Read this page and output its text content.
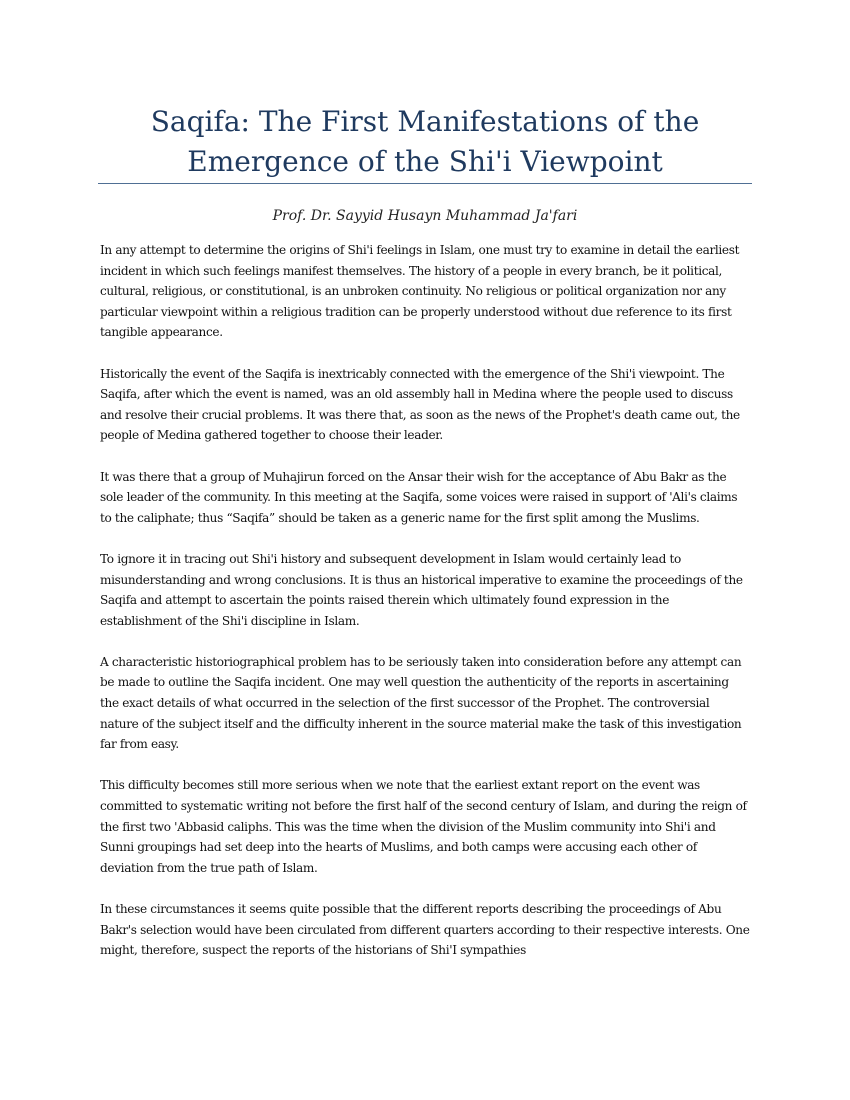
Saqifa: The First Manifestations of the Emergence of the Shi'i Viewpoint
Prof. Dr. Sayyid Husayn Muhammad Ja'fari

In any attempt to determine the origins of Shi'i feelings in Islam, one must try to examine in detail the earliest incident in which such feelings manifest themselves. The history of a people in every branch, be it political, cultural, religious, or constitutional, is an unbroken continuity. No religious or political organization nor any particular viewpoint within a religious tradition can be properly understood without due reference to its first tangible appearance.

Historically the event of the Saqifa is inextricably connected with the emergence of the Shi'i viewpoint. The Saqifa, after which the event is named, was an old assembly hall in Medina where the people used to discuss and resolve their crucial problems. It was there that, as soon as the news of the Prophet's death came out, the people of Medina gathered together to choose their leader.

It was there that a group of Muhajirun forced on the Ansar their wish for the acceptance of Abu Bakr as the sole leader of the community. In this meeting at the Saqifa, some voices were raised in support of 'Ali's claims to the caliphate; thus “Saqifa” should be taken as a generic name for the first split among the Muslims.

To ignore it in tracing out Shi'i history and subsequent development in Islam would certainly lead to misunderstanding and wrong conclusions. It is thus an historical imperative to examine the proceedings of the Saqifa and attempt to ascertain the points raised therein which ultimately found expression in the establishment of the Shi'i discipline in Islam.

A characteristic historiographical problem has to be seriously taken into consideration before any attempt can be made to outline the Saqifa incident. One may well question the authenticity of the reports in ascertaining the exact details of what occurred in the selection of the first successor of the Prophet. The controversial nature of the subject itself and the difficulty inherent in the source material make the task of this investigation far from easy.

This difficulty becomes still more serious when we note that the earliest extant report on the event was committed to systematic writing not before the first half of the second century of Islam, and during the reign of the first two 'Abbasid caliphs. This was the time when the division of the Muslim community into Shi'i and Sunni groupings had set deep into the hearts of Muslims, and both camps were accusing each other of deviation from the true path of Islam.

In these circumstances it seems quite possible that the different reports describing the proceedings of Abu Bakr's selection would have been circulated from different quarters according to their respective interests. One might, therefore, suspect the reports of the historians of Shi'I sympathies
